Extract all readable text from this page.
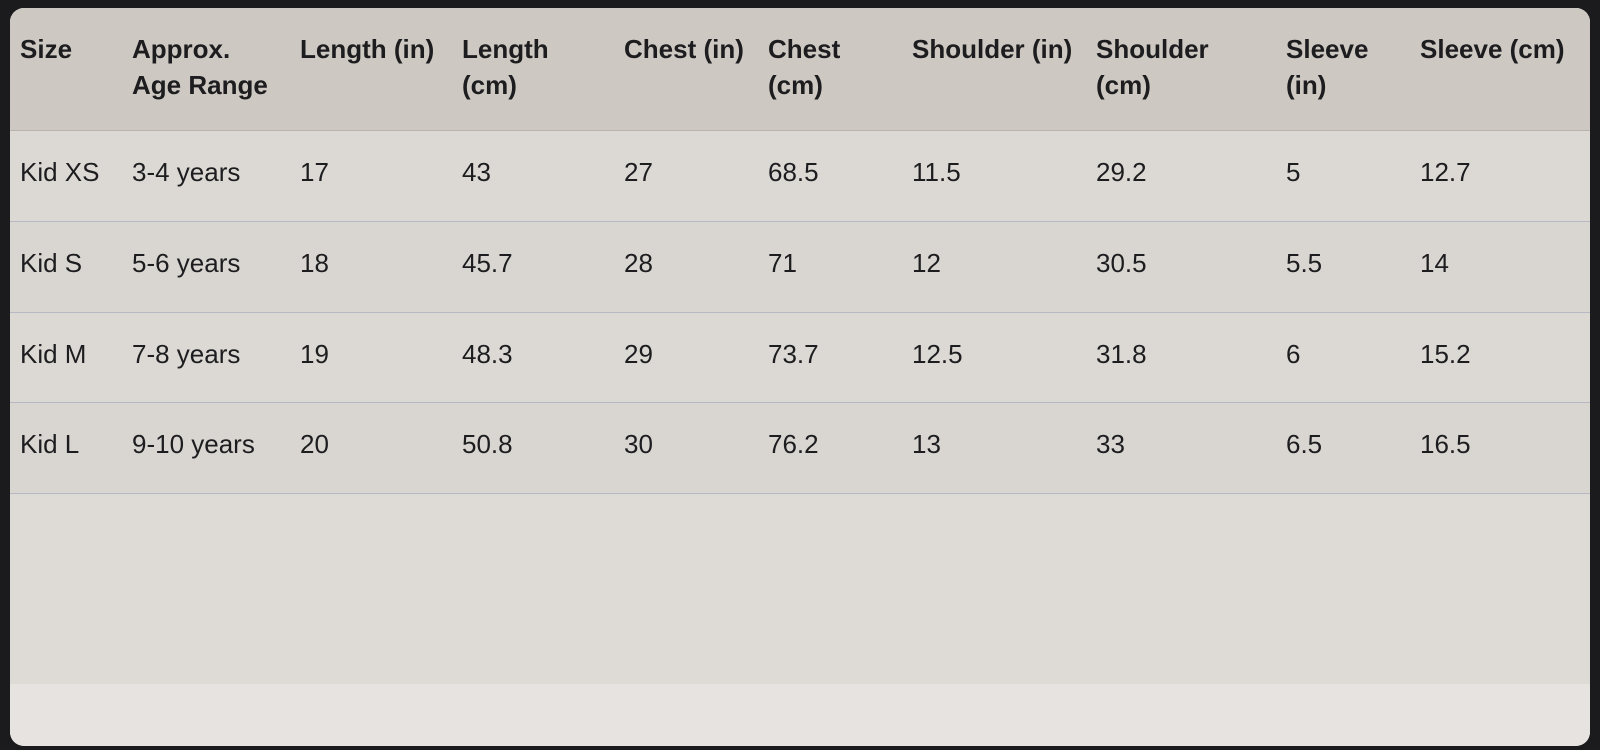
Size	Approx. Age Range	Length (in)	Length (cm)	Chest (in)	Chest (cm)	Shoulder (in)	Shoulder (cm)	Sleeve (in)	Sleeve (cm)
Kid XS	3-4 years	17	43	27	68.5	11.5	29.2	5	12.7
Kid S	5-6 years	18	45.7	28	71	12	30.5	5.5	14
Kid M	7-8 years	19	48.3	29	73.7	12.5	31.8	6	15.2
Kid L	9-10 years	20	50.8	30	76.2	13	33	6.5	16.5
